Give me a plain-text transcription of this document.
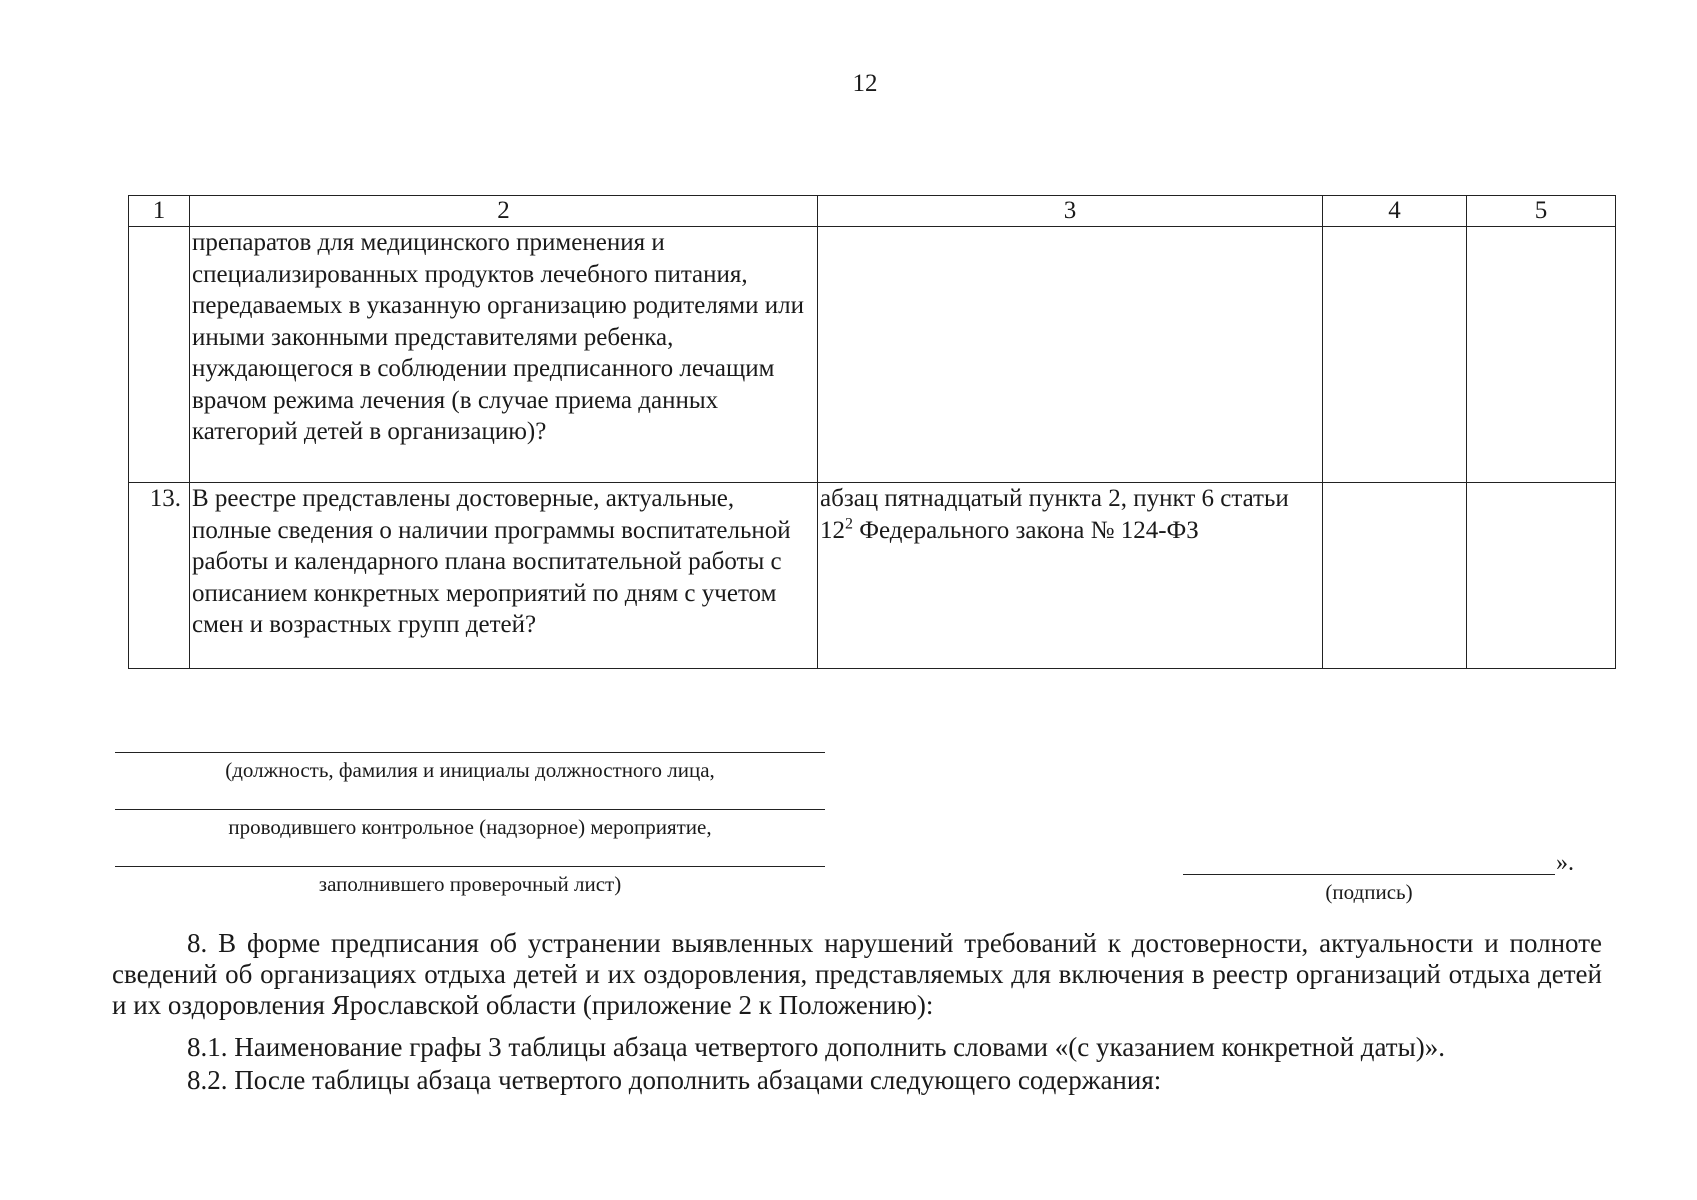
12
1	2	3	4	5
	препаратов для медицинского применения и специализированных продуктов лечебного питания, передаваемых в указанную организацию родителями или иными законными представителями ребенка, нуждающегося в соблюдении предписанного лечащим врачом режима лечения (в случае приема данных категорий детей в организацию)?			
13.	В реестре представлены достоверные, актуальные, полные сведения о наличии программы воспитательной работы и календарного плана воспитательной работы с описанием конкретных мероприятий по дням с учетом смен и возрастных групп детей?	абзац пятнадцатый пункта 2, пункт 6 статьи $12^2$ Федерального закона № 124-ФЗ		
(должность, фамилия и инициалы должностного лица,
проводившего контрольное (надзорное) мероприятие,
заполнившего проверочный лист)
».
(подпись)
8. В форме предписания об устранении выявленных нарушений требований к достоверности, актуальности и полноте сведений об организациях отдыха детей и их оздоровления, представляемых для включения в реестр организаций отдыха детей и их оздоровления Ярославской области (приложение 2 к Положению):
8.1. Наименование графы 3 таблицы абзаца четвертого дополнить словами «(с указанием конкретной даты)».
8.2. После таблицы абзаца четвертого дополнить абзацами следующего содержания:
